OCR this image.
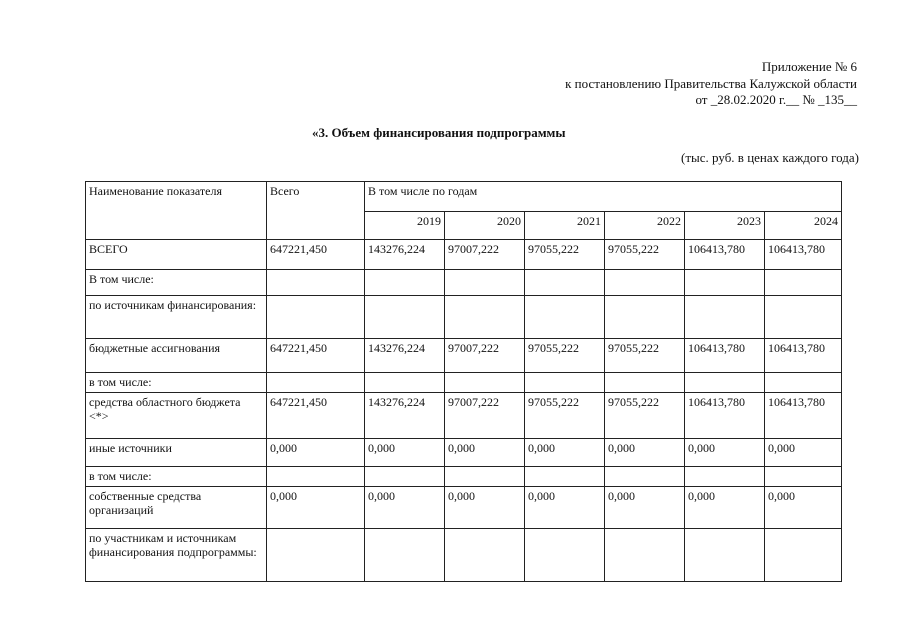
Приложение № 6
к постановлению Правительства Калужской области
от _28.02.2020 г.__ № _135__
«3. Объем финансирования подпрограммы
(тыс. руб. в ценах каждого года)
Наименование показателя	Всего	В том числе по годам					
		2019	2020	2021	2022	2023	2024
ВСЕГО	647221,450	143276,224	97007,222	97055,222	97055,222	106413,780	106413,780
В том числе:							
по источникам финансирования:							
бюджетные ассигнования	647221,450	143276,224	97007,222	97055,222	97055,222	106413,780	106413,780
в том числе:							
средства областного бюджета <*>	647221,450	143276,224	97007,222	97055,222	97055,222	106413,780	106413,780
иные источники	0,000	0,000	0,000	0,000	0,000	0,000	0,000
в том числе:							
собственные средства организаций	0,000	0,000	0,000	0,000	0,000	0,000	0,000
по участникам и источникам финансирования подпрограммы:							
